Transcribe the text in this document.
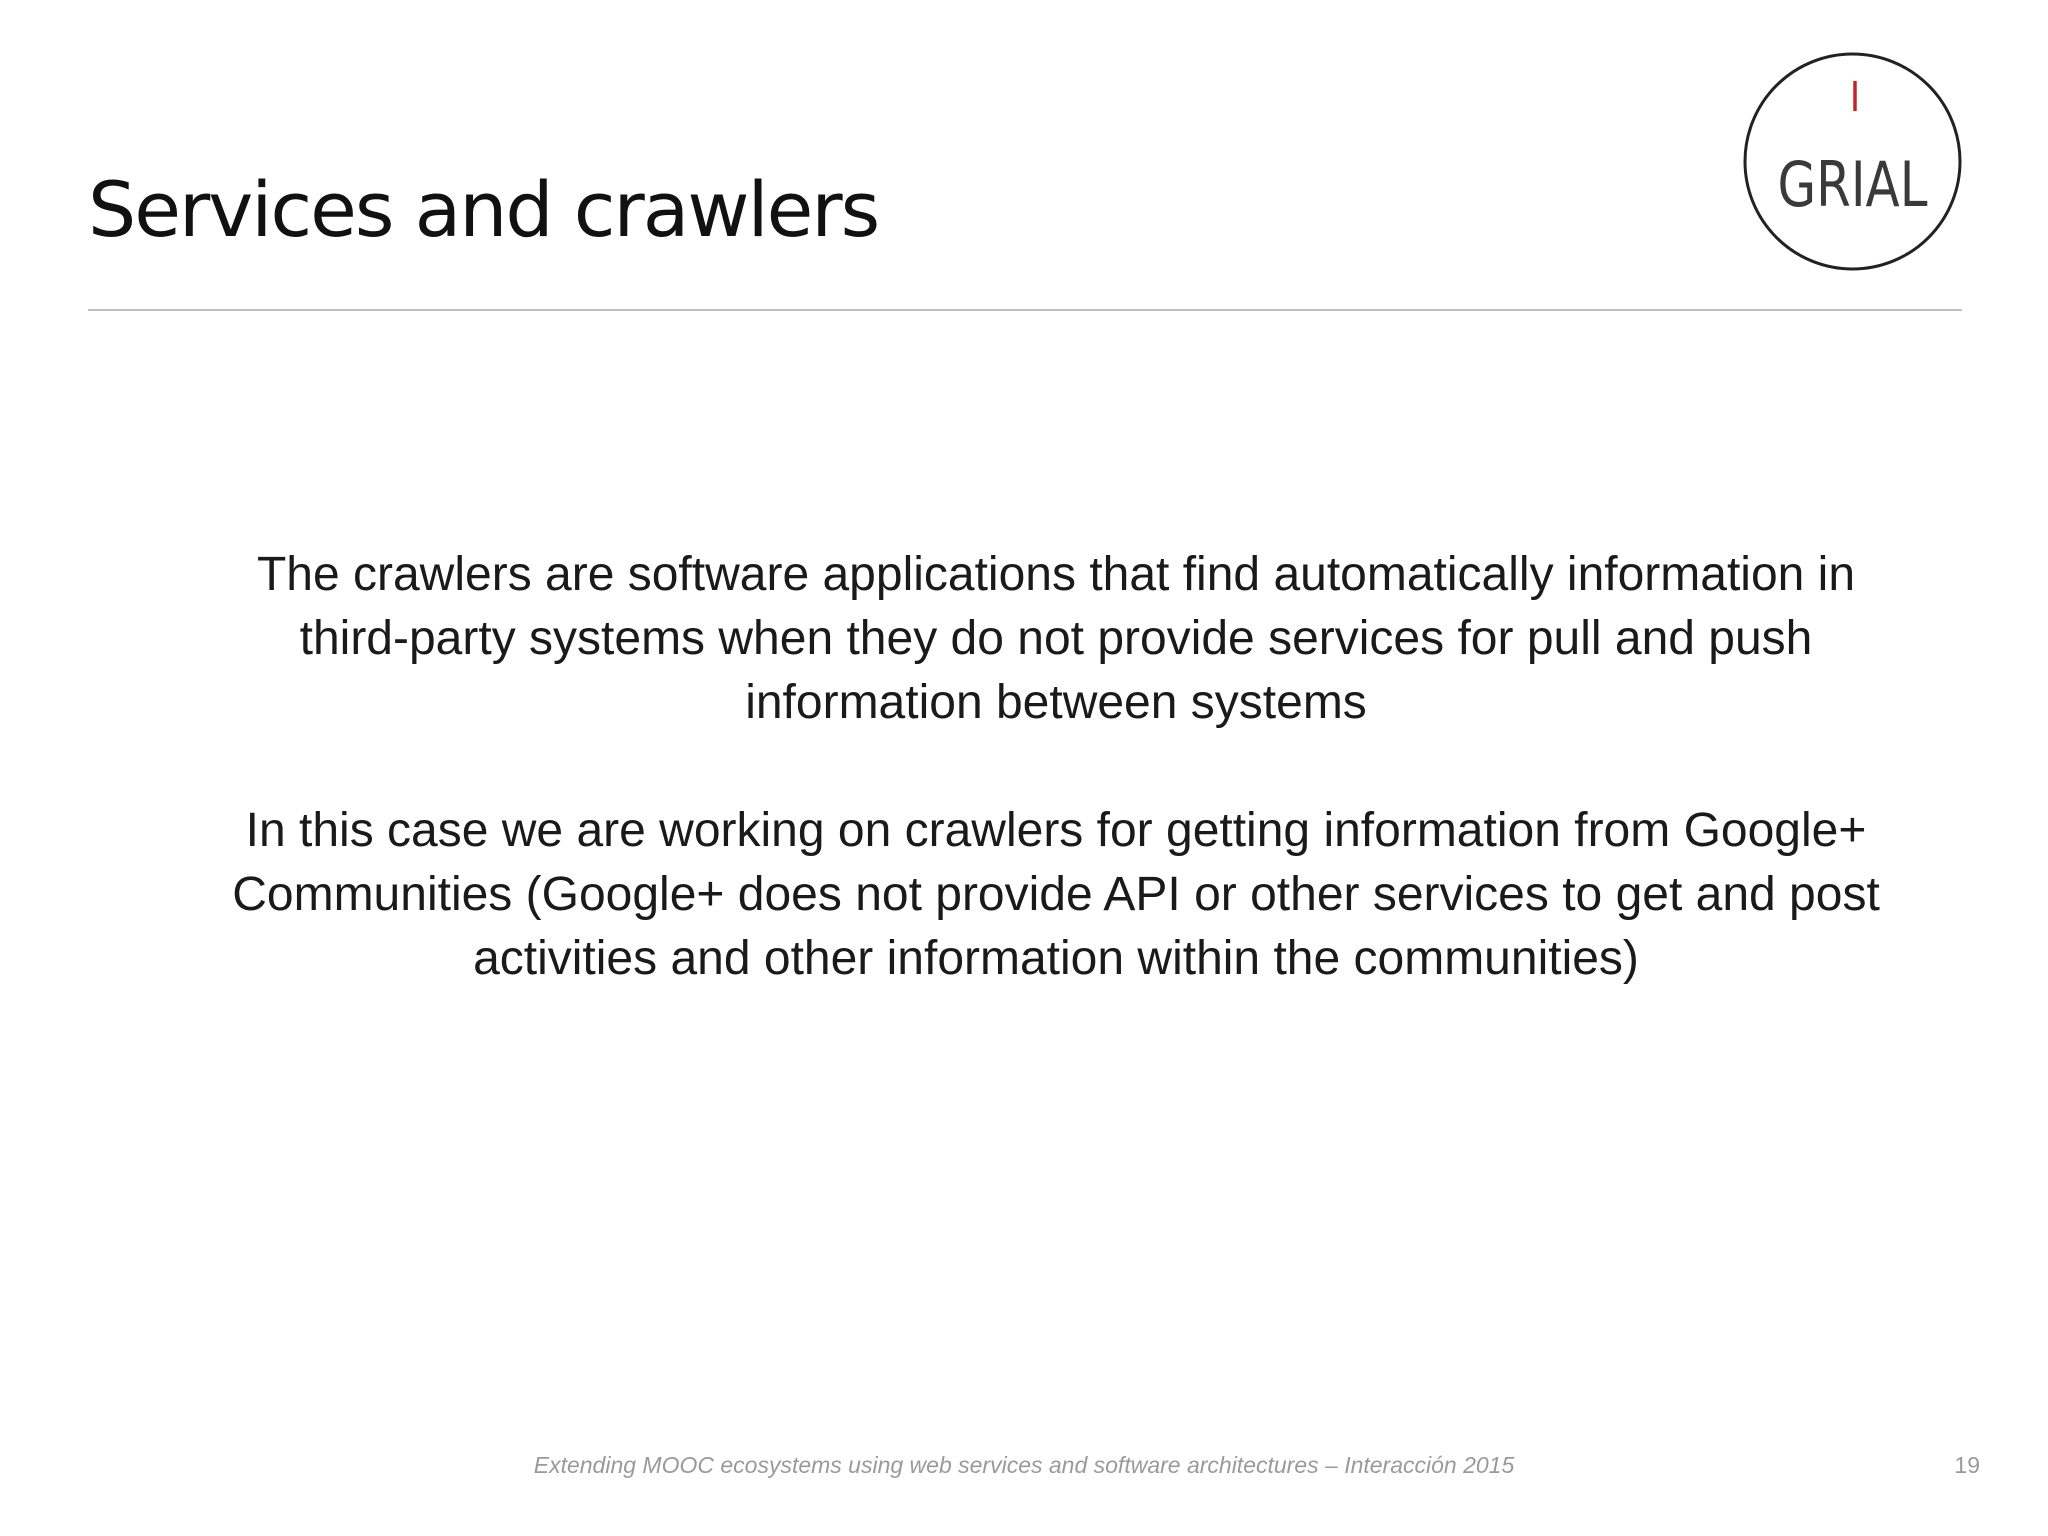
Services and crawlers	GRIAL

The crawlers are software applications that find automatically information in third-party systems when they do not provide services for pull and push information between systems

In this case we are working on crawlers for getting information from Google+ Communities (Google+ does not provide API or other services to get and post activities and other information within the communities)

Extending MOOC ecosystems using web services and software architectures – Interacción 2015	19
